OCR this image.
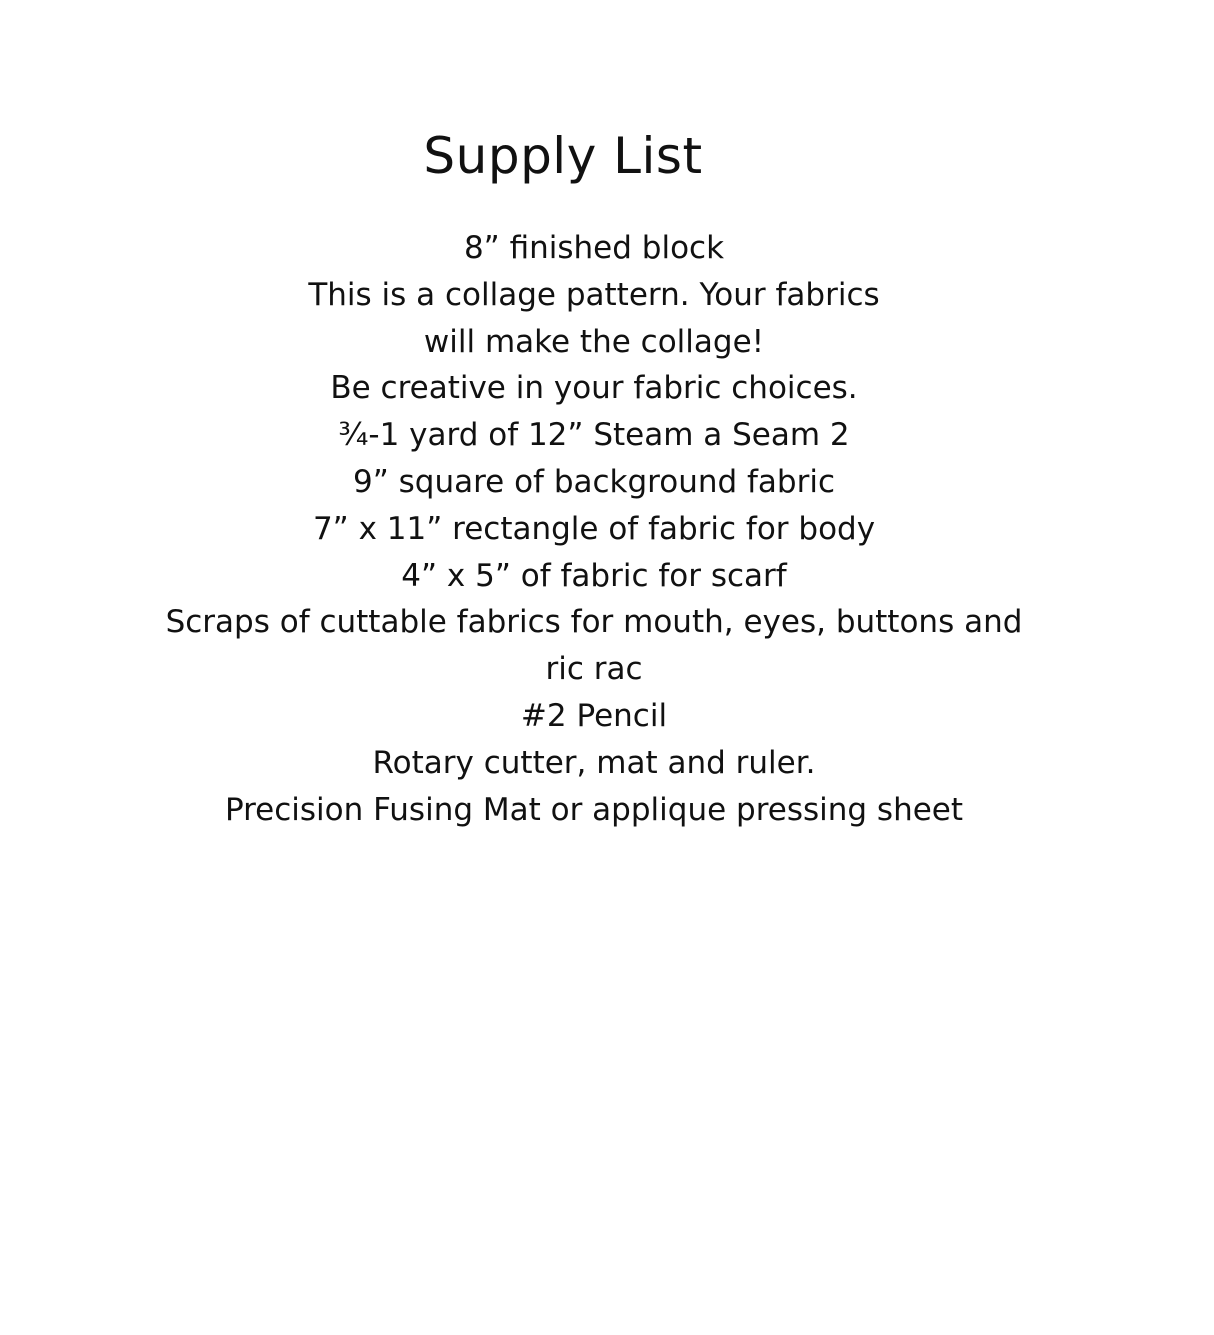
Supply List
8” finished block
This is a collage pattern. Your fabrics
will make the collage!
Be creative in your fabric choices.
¾-1 yard of 12” Steam a Seam 2
9” square of background fabric
7” x 11” rectangle of fabric for body
4” x 5” of fabric for scarf
Scraps of cuttable fabrics for mouth, eyes, buttons and
ric rac
#2 Pencil
Rotary cutter, mat and ruler.
Precision Fusing Mat or applique pressing sheet
